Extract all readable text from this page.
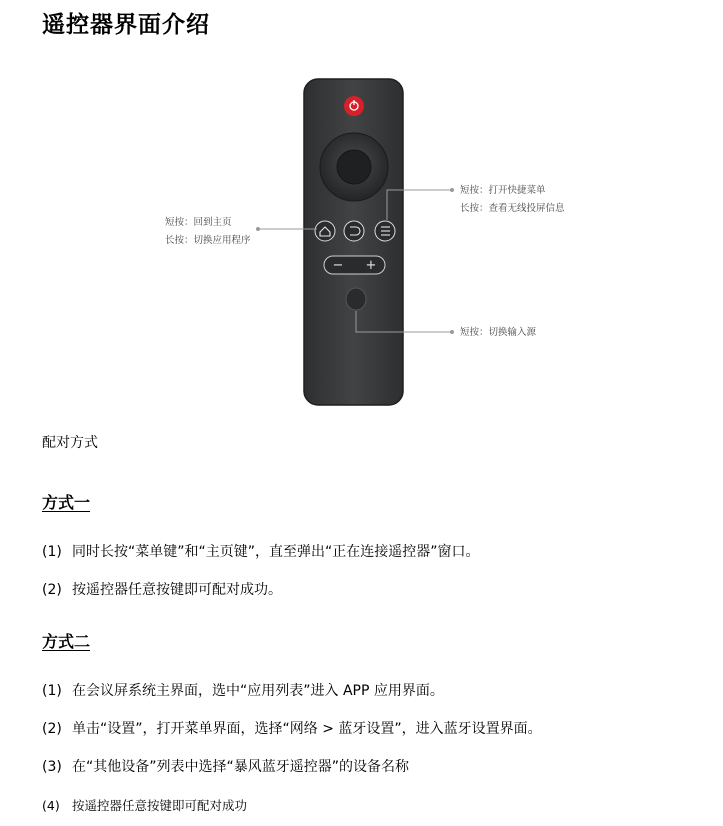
遥控器界面介绍
− +
短按：回到主页
长按：切换应用程序
短按：打开快捷菜单
长按：查看无线投屏信息
短按：切换输入源
配对方式
方式一
(1) 同时长按“菜单键”和“主页键”，直至弹出“正在连接遥控器”窗口。
(2) 按遥控器任意按键即可配对成功。
方式二
(1) 在会议屏系统主界面，选中“应用列表”进入 APP 应用界面。
(2) 单击“设置”，打开菜单界面，选择“网络 > 蓝牙设置”，进入蓝牙设置界面。
(3) 在“其他设备”列表中选择“暴风蓝牙遥控器”的设备名称
(4) 按遥控器任意按键即可配对成功
